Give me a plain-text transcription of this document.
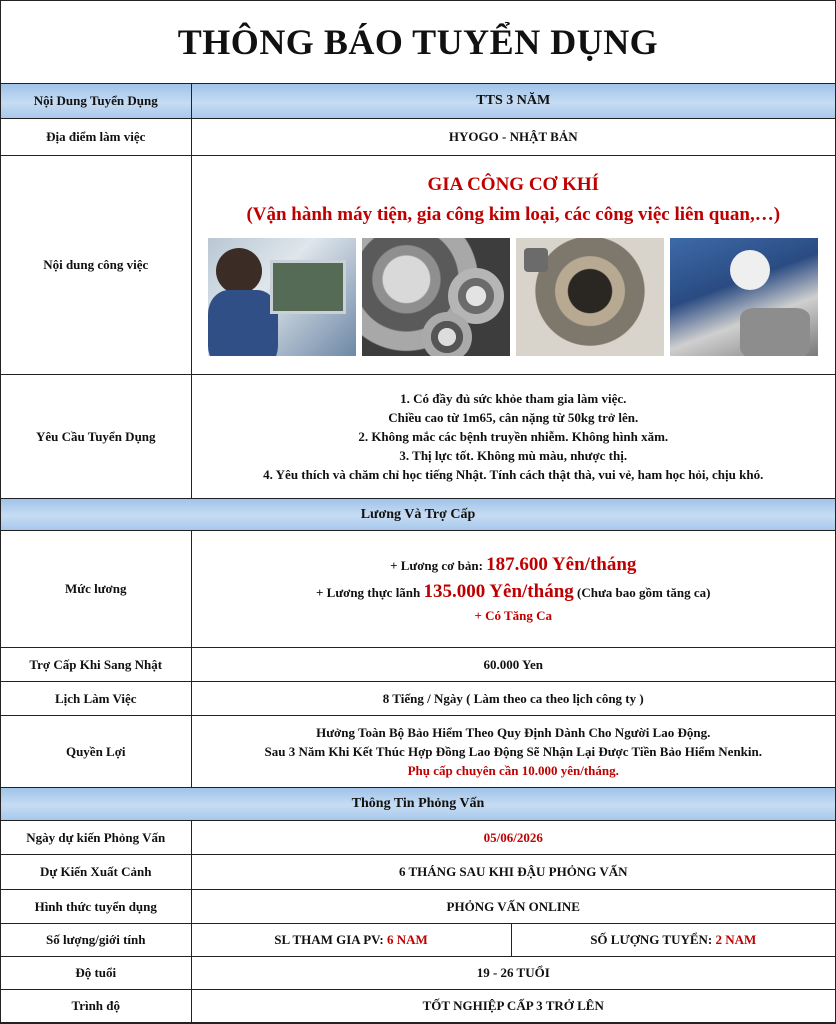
THÔNG BÁO TUYỂN DỤNG
Nội Dung Tuyển Dụng	TTS 3 NĂM	
Địa điểm làm việc	HYOGO - NHẬT BẢN	
Nội dung công việc	GIA CÔNG CƠ KHÍ
(Vận hành máy tiện, gia công kim loại, các công việc liên quan,…)	

Yêu Cầu Tuyển Dụng	1. Có đầy đủ sức khỏe tham gia làm việc.
Chiều cao từ 1m65, cân nặng từ 50kg trở lên.
2. Không mắc các bệnh truyền nhiễm. Không hình xăm.
3. Thị lực tốt. Không mù màu, nhược thị.
4. Yêu thích và chăm chỉ học tiếng Nhật. Tính cách thật thà, vui vẻ, ham học hỏi, chịu khó.	

Lương Và Trợ Cấp		
Mức lương	+ Lương cơ bản: 187.600 Yên/tháng
+ Lương thực lãnh 135.000 Yên/tháng (Chưa bao gồm tăng ca)
+ Có Tăng Ca	

Trợ Cấp Khi Sang Nhật	60.000 Yen	
Lịch Làm Việc	8 Tiếng / Ngày ( Làm theo ca theo lịch công ty )	
Quyền Lợi	Hưởng Toàn Bộ Bảo Hiểm Theo Quy Định Dành Cho Người Lao Động.
Sau 3 Năm Khi Kết Thúc Hợp Đồng Lao Động Sẽ Nhận Lại Được Tiền Bảo Hiểm Nenkin.
Phụ cấp chuyên cần 10.000 yên/tháng.	

Thông Tin Phỏng Vấn		
Ngày dự kiến Phỏng Vấn	05/06/2026	
Dự Kiến Xuất Cảnh	6 THÁNG SAU KHI ĐẬU PHỎNG VẤN	
Hình thức tuyển dụng	PHỎNG VẤN ONLINE	
Số lượng/giới tính	SL THAM GIA PV: 6 NAM	SỐ LƯỢNG TUYỂN: 2 NAM
Độ tuổi	19 - 26 TUỔI	
Trình độ	TỐT NGHIỆP CẤP 3 TRỞ LÊN	
